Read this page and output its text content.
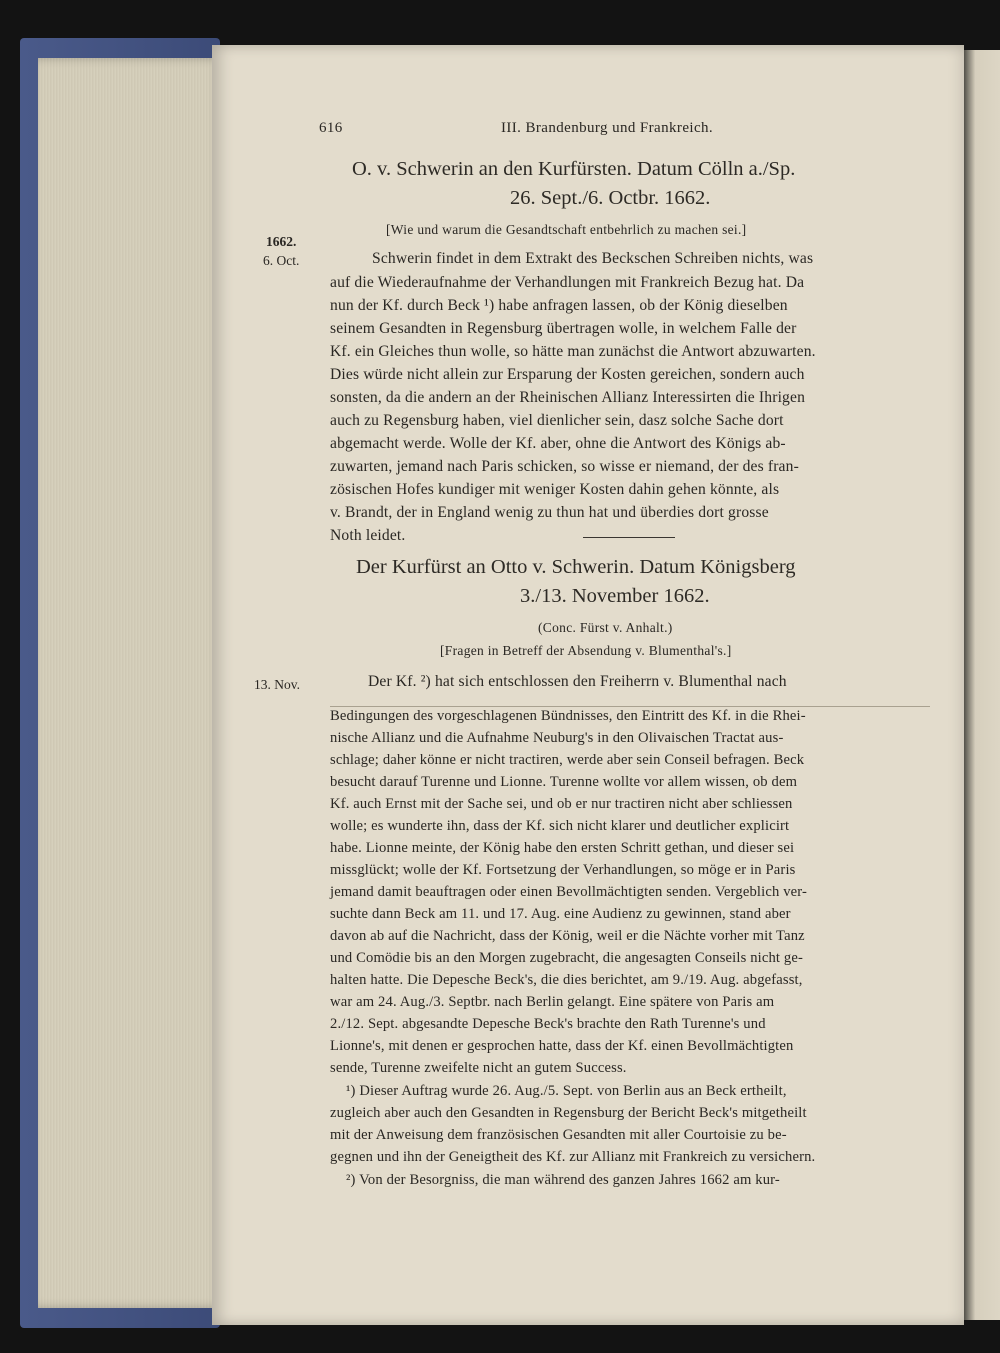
616	III. Brandenburg und Frankreich.
O. v. Schwerin an den Kurfürsten. Datum Cölln a./Sp.
26. Sept./6. Octbr. 1662.
[Wie und warum die Gesandtschaft entbehrlich zu machen sei.]
1662.
6. Oct.	Schwerin findet in dem Extrakt des Beckschen Schreiben nichts, was
auf die Wiederaufnahme der Verhandlungen mit Frankreich Bezug hat. Da
nun der Kf. durch Beck ¹) habe anfragen lassen, ob der König dieselben
seinem Gesandten in Regensburg übertragen wolle, in welchem Falle der
Kf. ein Gleiches thun wolle, so hätte man zunächst die Antwort abzuwarten.
Dies würde nicht allein zur Ersparung der Kosten gereichen, sondern auch
sonsten, da die andern an der Rheinischen Allianz Interessirten die Ihrigen
auch zu Regensburg haben, viel dienlicher sein, dasz solche Sache dort
abgemacht werde. Wolle der Kf. aber, ohne die Antwort des Königs ab-
zuwarten, jemand nach Paris schicken, so wisse er niemand, der des fran-
zösischen Hofes kundiger mit weniger Kosten dahin gehen könnte, als
v. Brandt, der in England wenig zu thun hat und überdies dort grosse
Noth leidet.
Der Kurfürst an Otto v. Schwerin. Datum Königsberg
3./13. November 1662.
(Conc. Fürst v. Anhalt.)
[Fragen in Betreff der Absendung v. Blumenthal's.]
13. Nov.	Der Kf. ²) hat sich entschlossen den Freiherrn v. Blumenthal nach
Bedingungen des vorgeschlagenen Bündnisses, den Eintritt des Kf. in die Rhei-
nische Allianz und die Aufnahme Neuburg's in den Olivaischen Tractat aus-
schlage; daher könne er nicht tractiren, werde aber sein Conseil befragen. Beck
besucht darauf Turenne und Lionne. Turenne wollte vor allem wissen, ob dem
Kf. auch Ernst mit der Sache sei, und ob er nur tractiren nicht aber schliessen
wolle; es wunderte ihn, dass der Kf. sich nicht klarer und deutlicher explicirt
habe. Lionne meinte, der König habe den ersten Schritt gethan, und dieser sei
missglückt; wolle der Kf. Fortsetzung der Verhandlungen, so möge er in Paris
jemand damit beauftragen oder einen Bevollmächtigten senden. Vergeblich ver-
suchte dann Beck am 11. und 17. Aug. eine Audienz zu gewinnen, stand aber
davon ab auf die Nachricht, dass der König, weil er die Nächte vorher mit Tanz
und Comödie bis an den Morgen zugebracht, die angesagten Conseils nicht ge-
halten hatte. Die Depesche Beck's, die dies berichtet, am 9./19. Aug. abgefasst,
war am 24. Aug./3. Septbr. nach Berlin gelangt. Eine spätere von Paris am
2./12. Sept. abgesandte Depesche Beck's brachte den Rath Turenne's und
Lionne's, mit denen er gesprochen hatte, dass der Kf. einen Bevollmächtigten
sende, Turenne zweifelte nicht an gutem Success.
¹) Dieser Auftrag wurde 26. Aug./5. Sept. von Berlin aus an Beck ertheilt,
zugleich aber auch den Gesandten in Regensburg der Bericht Beck's mitgetheilt
mit der Anweisung dem französischen Gesandten mit aller Courtoisie zu be-
gegnen und ihn der Geneigtheit des Kf. zur Allianz mit Frankreich zu versichern.
²) Von der Besorgniss, die man während des ganzen Jahres 1662 am kur-
